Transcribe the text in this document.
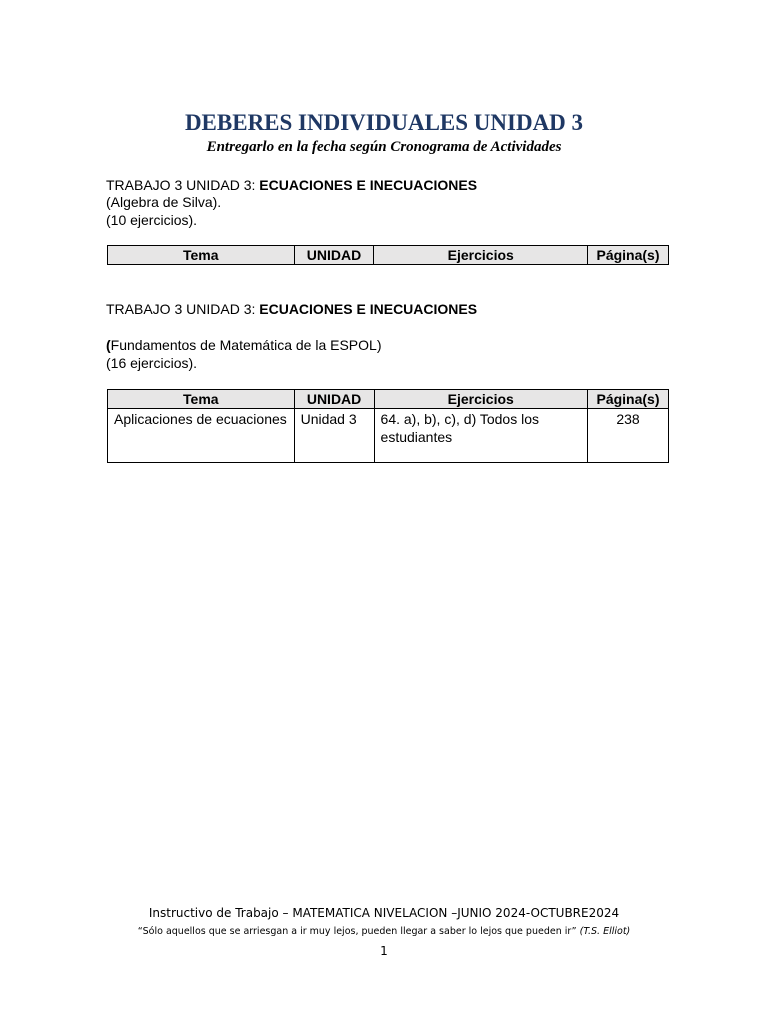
DEBERES INDIVIDUALES UNIDAD 3

Entregarlo en la fecha según Cronograma de Actividades

TRABAJO 3 UNIDAD 3: ECUACIONES E INECUACIONES
(Algebra de Silva).
(10 ejercicios).
Tema	UNIDAD	Ejercicios	Página(s)
TRABAJO 3 UNIDAD 3: ECUACIONES E INECUACIONES
(Fundamentos de Matemática de la ESPOL)
(16 ejercicios).
Tema	UNIDAD	Ejercicios	Página(s)
Aplicaciones de ecuaciones	Unidad 3	64. a), b), c), d) Todos los estudiantes	238
Instructivo de Trabajo – MATEMATICA NIVELACION –JUNIO 2024-OCTUBRE2024
“Sólo aquellos que se arriesgan a ir muy lejos, pueden llegar a saber lo lejos que pueden ir” (T.S. Elliot)
1
